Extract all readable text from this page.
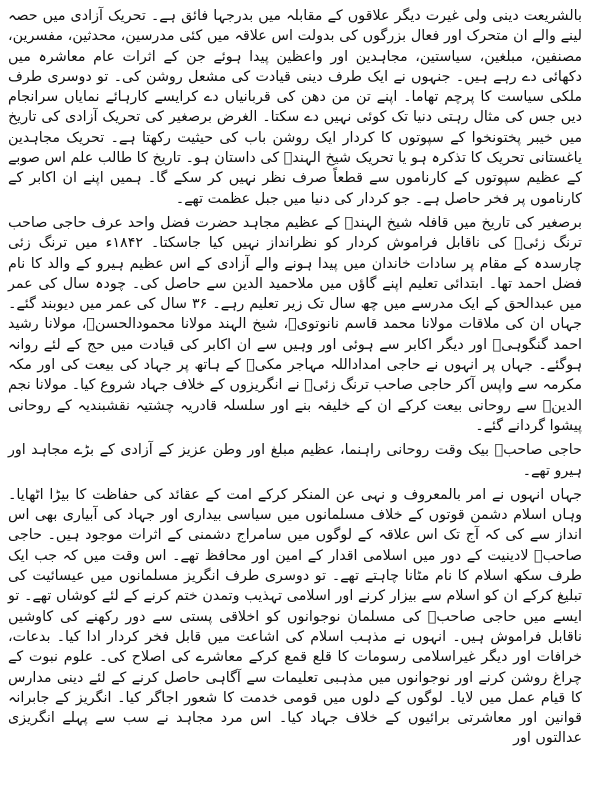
بالشریعت دینی ولی غیرت دیگر علاقوں کے مقابلہ میں بدرجہا فائق ہے۔ تحریک آزادی میں حصہ لینے والے ان متحرک اور فعال بزرگوں کی بدولت اس علاقہ میں کئی مدرسین، محدثین، مفسرین، مصنفین، مبلغین، سیاستین، مجاہدین اور واعظین پیدا ہوئے جن کے اثرات عام معاشرہ میں دکھائی دے رہے ہیں۔ جنہوں نے ایک طرف دینی قیادت کی مشعل روشن کی۔ تو دوسری طرف ملکی سیاست کا پرچم تھاما۔ اپنے تن من دھن کی قربانیاں دے کرایسے کارہائے نمایاں سرانجام دیں جس کی مثال رہتی دنیا تک کوئی نہیں دے سکتا۔ الغرض برصغیر کی تحریک آزادی کی تاریخ میں خیبر پختونخوا کے سپوتوں کا کردار ایک روشن باب کی حیثیت رکھتا ہے۔ تحریک مجاہدین یاغستانی تحریک کا تذکرہ ہو یا تحریک شیخ الہندؒ کی داستان ہو۔ تاریخ کا طالب علم اس صوبے کے عظیم سپوتوں کے کارناموں سے قطعاً صرف نظر نہیں کر سکے گا۔ ہمیں اپنے ان اکابر کے کارناموں پر فخر حاصل ہے۔ جو کردار کی دنیا میں جبل عظمت تھے۔

برصغیر کی تاریخ میں قافلہ شیخ الہندؒ کے عظیم مجاہد حضرت فضل واحد عرف حاجی صاحب ترنگ زئیؒ کی ناقابل فراموش کردار کو نظرانداز نہیں کیا جاسکتا۔ ۱۸۴۲ء میں ترنگ زئی چارسدہ کے مقام پر سادات خاندان میں پیدا ہونے والے آزادی کے اس عظیم ہیرو کے والد کا نام فضل احمد تھا۔ ابتدائی تعلیم اپنے گاؤں میں ملاحمید الدین سے حاصل کی۔ چودہ سال کی عمر میں عبدالحق کے ایک مدرسے میں چھ سال تک زیر تعلیم رہے۔ ۳۶ سال کی عمر میں دیوبند گئے۔ جہاں ان کی ملاقات مولانا محمد قاسم نانوتویؒ، شیخ الہند مولانا محمودالحسنؒ، مولانا رشید احمد گنگوہیؒ اور دیگر اکابر سے ہوئی اور وہیں سے ان اکابر کی قیادت میں حج کے لئے روانہ ہوگئے۔ جہاں پر انہوں نے حاجی امداداللہ مہاجر مکیؒ کے ہاتھ پر جہاد کی بیعت کی اور مکہ مکرمہ سے واپس آکر حاجی صاحب ترنگ زئیؒ نے انگریزوں کے خلاف جہاد شروع کیا۔ مولانا نجم الدینؒ سے روحانی بیعت کرکے ان کے خلیفہ بنے اور سلسلہ قادریہ چشتیہ نقشبندیہ کے روحانی پیشوا گردانے گئے۔

حاجی صاحبؒ بیک وقت روحانی راہنما، عظیم مبلغ اور وطن عزیز کے آزادی کے بڑے مجاہد اور ہیرو تھے۔

جہاں انہوں نے امر بالمعروف و نہی عن المنکر کرکے امت کے عقائد کی حفاظت کا بیڑا اٹھایا۔ وہاں اسلام دشمن قوتوں کے خلاف مسلمانوں میں سیاسی بیداری اور جہاد کی آبیاری بھی اس انداز سے کی کہ آج تک اس علاقہ کے لوگوں میں سامراج دشمنی کے اثرات موجود ہیں۔ حاجی صاحبؒ لادینیت کے دور میں اسلامی اقدار کے امین اور محافظ تھے۔ اس وقت میں کہ جب ایک طرف سکھ اسلام کا نام مٹانا چاہتے تھے۔ تو دوسری طرف انگریز مسلمانوں میں عیسائیت کی تبلیغ کرکے ان کو اسلام سے بیزار کرنے اور اسلامی تہذیب وتمدن ختم کرنے کے لئے کوشاں تھے۔ تو ایسے میں حاجی صاحبؒ کی مسلمان نوجوانوں کو اخلاقی پستی سے دور رکھنے کی کاوشیں ناقابل فراموش ہیں۔ انہوں نے مذہب اسلام کی اشاعت میں قابل فخر کردار ادا کیا۔ بدعات، خرافات اور دیگر غیراسلامی رسومات کا قلع قمع کرکے معاشرے کی اصلاح کی۔ علوم نبوت کے چراغ روشن کرنے اور نوجوانوں میں مذہبی تعلیمات سے آگاہی حاصل کرنے کے لئے دینی مدارس کا قیام عمل میں لایا۔ لوگوں کے دلوں میں قومی خدمت کا شعور اجاگر کیا۔ انگریز کے جابرانہ قوانین اور معاشرتی برائیوں کے خلاف جہاد کیا۔ اس مرد مجاہد نے سب سے پہلے انگریزی عدالتوں اور
